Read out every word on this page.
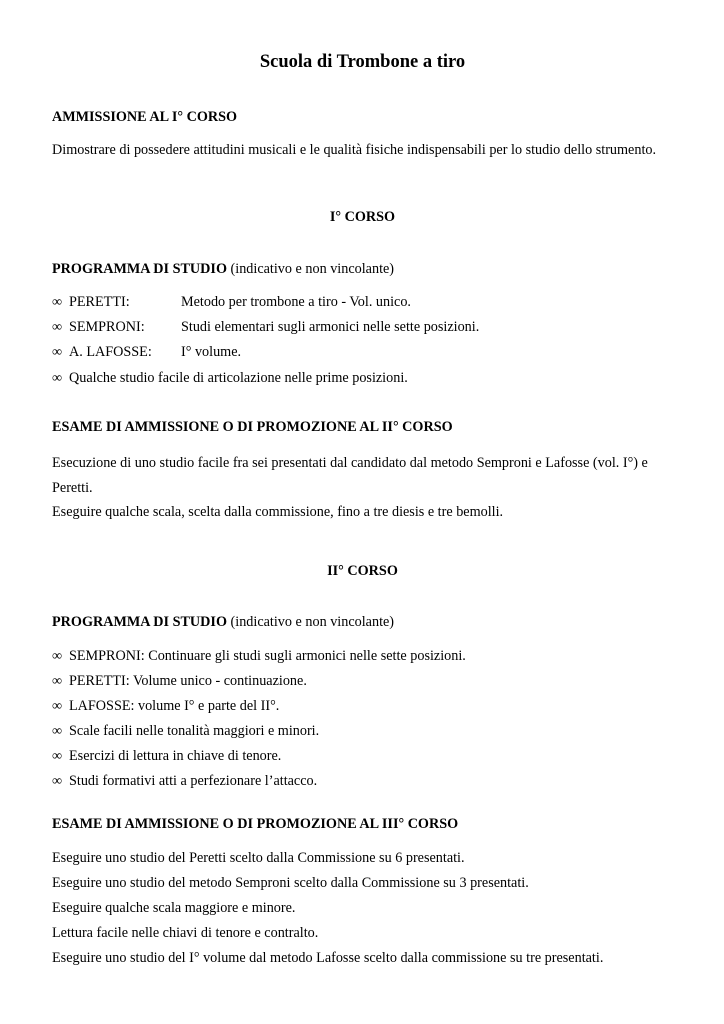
Scuola di Trombone a tiro

AMMISSIONE AL I° CORSO

Dimostrare di possedere attitudini musicali e le qualità fisiche indispensabili per lo studio dello strumento.

I° CORSO

PROGRAMMA DI STUDIO (indicativo e non vincolante)

∞ PERETTI:	Metodo per trombone a tiro - Vol. unico.
∞ SEMPRONI:	Studi elementari sugli armonici nelle sette posizioni.
∞ A. LAFOSSE: I° volume.
∞ Qualche studio facile di articolazione nelle prime posizioni.

ESAME DI AMMISSIONE O DI PROMOZIONE AL II° CORSO

Esecuzione di uno studio facile fra sei presentati dal candidato dal metodo Semproni e Lafosse (vol. I°) e

Peretti.

Eseguire qualche scala, scelta dalla commissione, fino a tre diesis e tre bemolli.

II° CORSO

PROGRAMMA DI STUDIO (indicativo e non vincolante)

∞ SEMPRONI: Continuare gli studi sugli armonici nelle sette posizioni.
∞ PERETTI: Volume unico - continuazione.
∞ LAFOSSE: volume I° e parte del II°.
∞ Scale facili nelle tonalità maggiori e minori.
∞ Esercizi di lettura in chiave di tenore.
∞ Studi formativi atti a perfezionare l’attacco.

ESAME DI AMMISSIONE O DI PROMOZIONE AL III° CORSO

Eseguire uno studio del Peretti scelto dalla Commissione su 6 presentati.

Eseguire uno studio del metodo Semproni scelto dalla Commissione su 3 presentati.

Eseguire qualche scala maggiore e minore.

Lettura facile nelle chiavi di tenore e contralto.

Eseguire uno studio del I° volume dal metodo Lafosse scelto dalla commissione su tre presentati.
